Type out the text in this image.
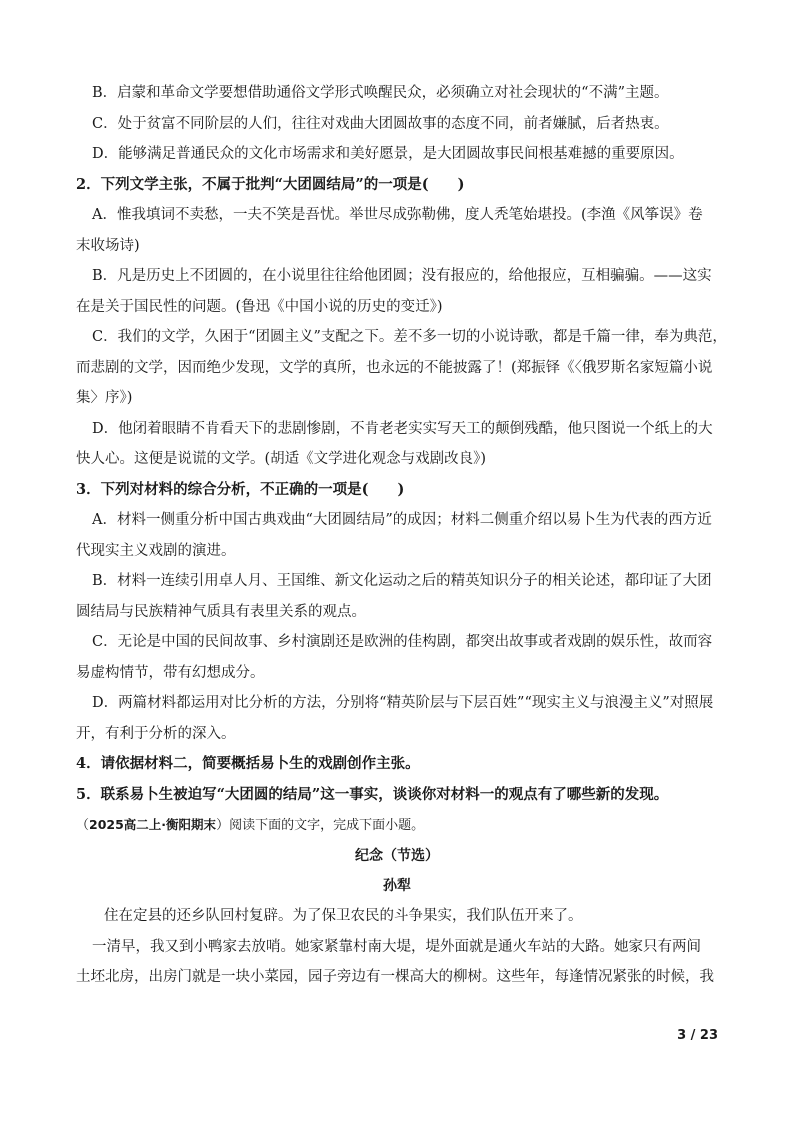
B．启蒙和革命文学要想借助通俗文学形式唤醒民众，必须确立对社会现状的“不满”主题。

C．处于贫富不同阶层的人们，往往对戏曲大团圆故事的态度不同，前者嫌腻，后者热衷。

D．能够满足普通民众的文化市场需求和美好愿景，是大团圆故事民间根基难撼的重要原因。

2．下列文学主张，不属于批判“大团圆结局”的一项是(　　)

A．惟我填词不卖愁，一夫不笑是吾忧。举世尽成弥勒佛，度人秃笔始堪投。(李渔《风筝误》卷

末收场诗)

B．凡是历史上不团圆的，在小说里往往给他团圆；没有报应的，给他报应，互相骗骗。——这实

在是关于国民性的问题。(鲁迅《中国小说的历史的变迁》)

C．我们的文学，久困于“团圆主义”支配之下。差不多一切的小说诗歌，都是千篇一律，奉为典范，

而悲剧的文学，因而绝少发现，文学的真所，也永远的不能披露了！(郑振铎《〈俄罗斯名家短篇小说

集〉序》)

D．他闭着眼睛不肯看天下的悲剧惨剧，不肯老老实实写天工的颠倒残酷，他只图说一个纸上的大

快人心。这便是说谎的文学。(胡适《文学进化观念与戏剧改良》)

3．下列对材料的综合分析，不正确的一项是(　　)

A．材料一侧重分析中国古典戏曲“大团圆结局”的成因；材料二侧重介绍以易卜生为代表的西方近

代现实主义戏剧的演进。

B．材料一连续引用卓人月、王国维、新文化运动之后的精英知识分子的相关论述，都印证了大团

圆结局与民族精神气质具有表里关系的观点。

C．无论是中国的民间故事、乡村演剧还是欧洲的佳构剧，都突出故事或者戏剧的娱乐性，故而容

易虚构情节，带有幻想成分。

D．两篇材料都运用对比分析的方法，分别将“精英阶层与下层百姓”“现实主义与浪漫主义”对照展

开，有利于分析的深入。

4．请依据材料二，简要概括易卜生的戏剧创作主张。

5．联系易卜生被迫写“大团圆的结局”这一事实，谈谈你对材料一的观点有了哪些新的发现。

（2025高二上·衡阳期末）阅读下面的文字，完成下面小题。

纪念（节选）

孙犁

住在定县的还乡队回村复辟。为了保卫农民的斗争果实，我们队伍开来了。

一清早，我又到小鸭家去放哨。她家紧靠村南大堤，堤外面就是通火车站的大路。她家只有两间

土坯北房，出房门就是一块小菜园，园子旁边有一棵高大的柳树。这些年，每逢情况紧张的时候，我

3 / 23
